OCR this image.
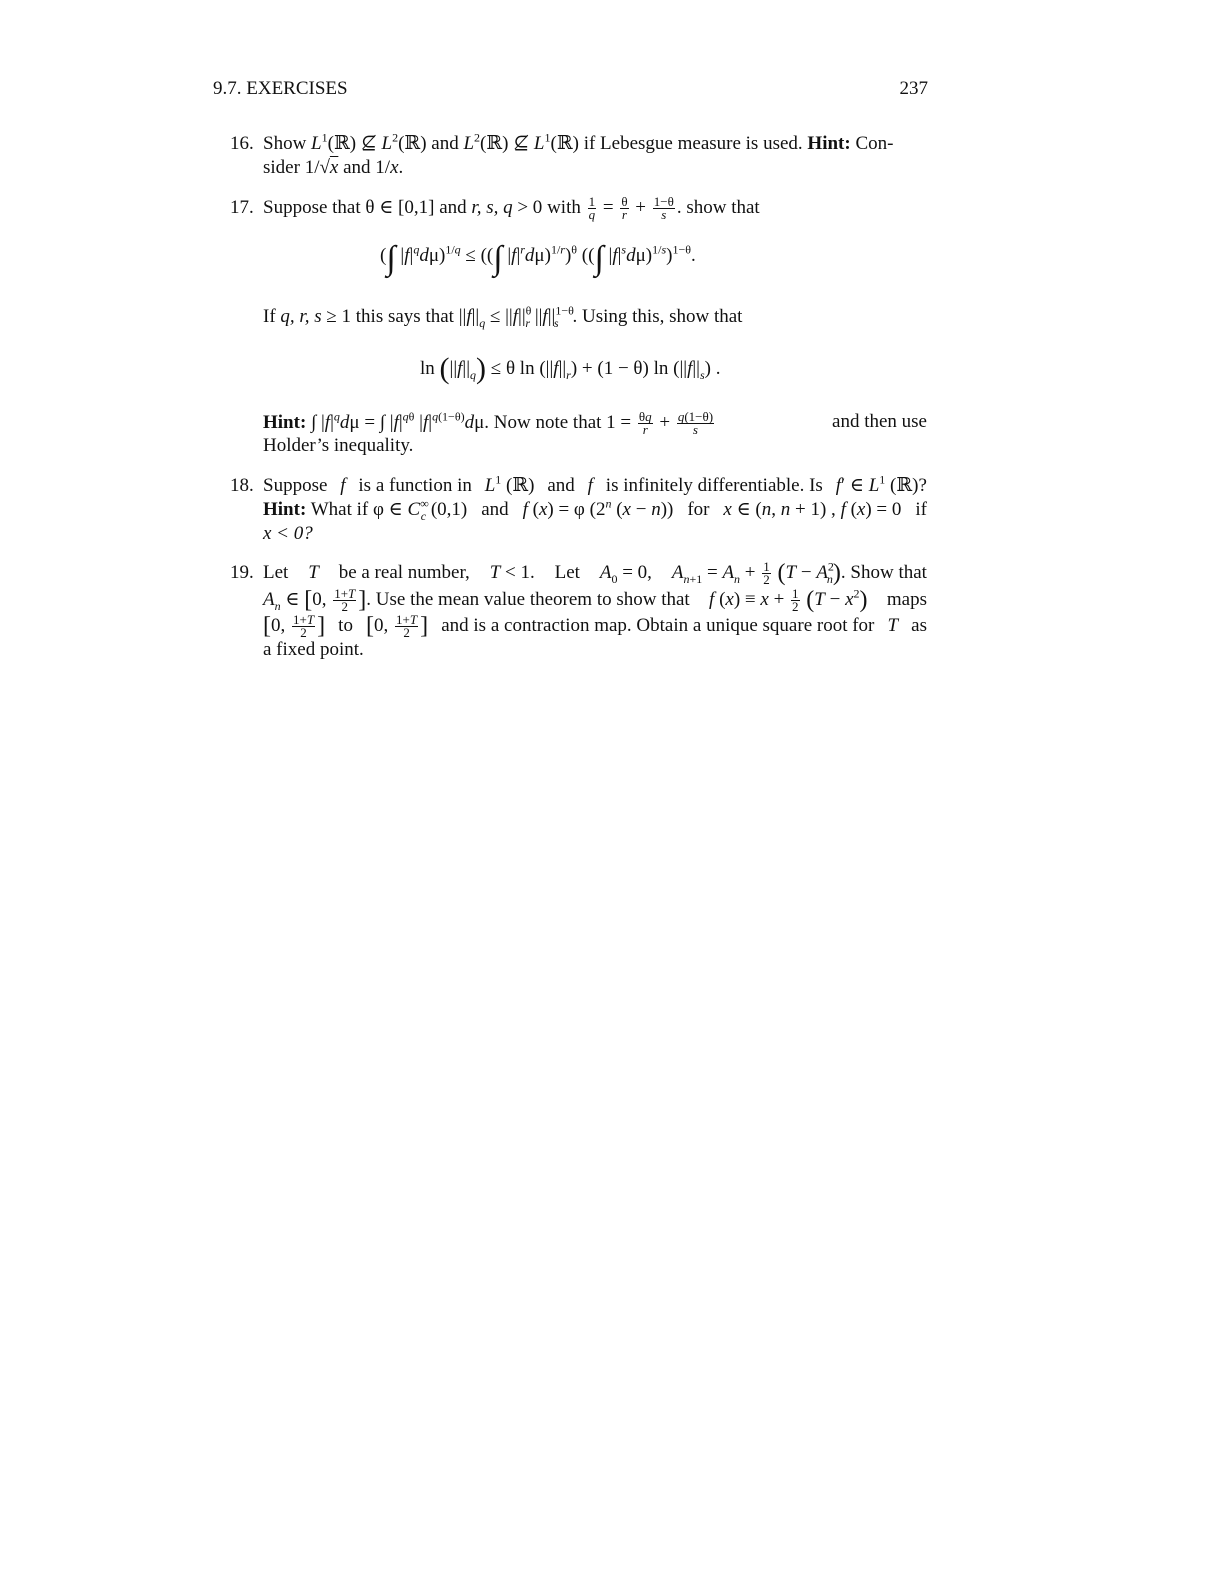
9.7. EXERCISES	237
16. Show $L^1(ℝ)$ ⊈ $L^2(ℝ)$ and $L^2(ℝ)$ ⊈ $L^1(ℝ)$ if Lebesgue measure is used. Hint: Con-
sider 1/√x and 1/x.
17. Suppose that θ ∈ [0,1] and r, s, q > 0 with $\frac{1}{q} = \frac{\theta}{r} + \frac{1-\theta}{s}$ . show that
(∫ $|f|^qd\mu)^{1/q}$ ≤ ((∫ $|f|^rd\mu)^{1/r})^\theta$ ((∫ $|f|^sd\mu)^{1/s})^{1-\theta}$.
If q, r, s ≥ 1 this says that $||f||_q \le ||f||^\theta_r$ $||f||^{1-\theta}_s$ . Using this, show that
$\ln (||f||_q) \le \theta$ $\ln (||f||_r) + (1 - \theta)$ $\ln (||f||_s)$ .
Hint: ∫ $|f|^qd\mu$ = ∫ $|f|^{q\theta}$ $|f|^{q(1-\theta)}d\mu$. Now note that $1 = \frac{\theta q}{r} + \frac{q(1-\theta)}{s}$	and then use
Holder’s inequality.
18. Suppose f is a function in $L^1$ (ℝ) and f is infinitely differentiable. Is f′ ∈ $L^1$ (ℝ)?
Hint: What if φ ∈ $C^\infty_c$ (0,1) and f (x) = φ (2$^n$ (x − n)) for x ∈ (n, n + 1) , f (x) = 0 if
x < 0?
19. Let T be a real number, T < 1. Let $A_0 = 0$, $A_{n+1} = A_n + \frac{1}{2} (T - A^2_n)$. Show that
$A_n$ ∈ [0, $\frac{1+T}{2}$ ]. Use the mean value theorem to show that f $(x) \equiv x + \frac{1}{2} (T - x^2)$ maps
[0, $\frac{1+T}{2}$ ] to [0, $\frac{1+T}{2}$ ] and is a contraction map. Obtain a unique square root for T as
a fixed point.
